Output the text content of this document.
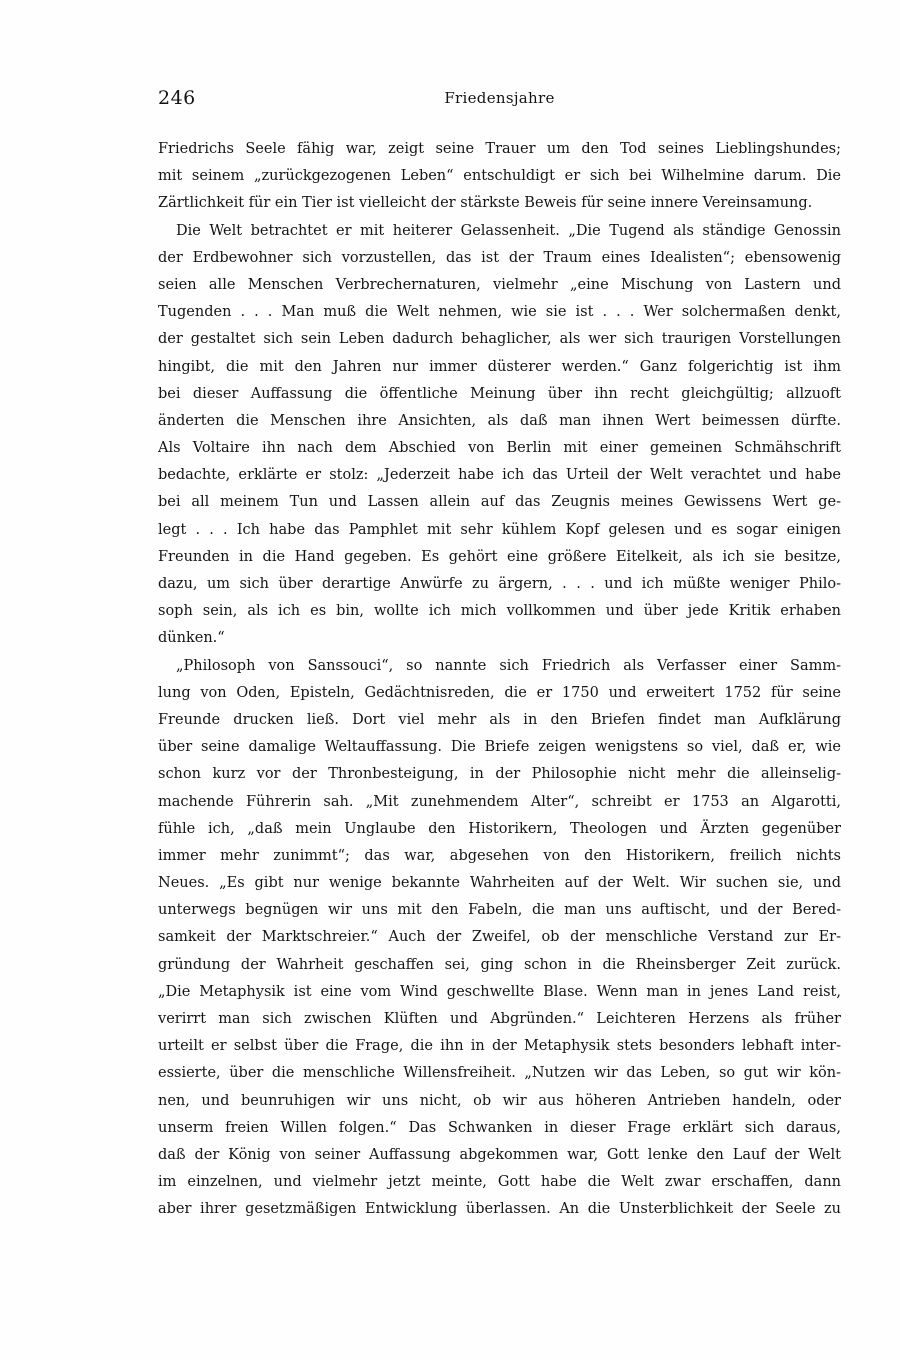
246	Friedensjahre
Friedrichs Seele fähig war, zeigt seine Trauer um den Tod seines Lieblingshundes;
mit seinem „zurückgezogenen Leben“ entschuldigt er sich bei Wilhelmine darum. Die
Zärtlichkeit für ein Tier ist vielleicht der stärkste Beweis für seine innere Vereinsamung.
Die Welt betrachtet er mit heiterer Gelassenheit. „Die Tugend als ständige Genossin
der Erdbewohner sich vorzustellen, das ist der Traum eines Idealisten“; ebensowenig
seien alle Menschen Verbrechernaturen, vielmehr „eine Mischung von Lastern und
Tugenden . . . Man muß die Welt nehmen, wie sie ist . . . Wer solchermaßen denkt,
der gestaltet sich sein Leben dadurch behaglicher, als wer sich traurigen Vorstellungen
hingibt, die mit den Jahren nur immer düsterer werden.“ Ganz folgerichtig ist ihm
bei dieser Auffassung die öffentliche Meinung über ihn recht gleichgültig; allzuoft
änderten die Menschen ihre Ansichten, als daß man ihnen Wert beimessen dürfte.
Als Voltaire ihn nach dem Abschied von Berlin mit einer gemeinen Schmähschrift
bedachte, erklärte er stolz: „Jederzeit habe ich das Urteil der Welt verachtet und habe
bei all meinem Tun und Lassen allein auf das Zeugnis meines Gewissens Wert ge-
legt . . . Ich habe das Pamphlet mit sehr kühlem Kopf gelesen und es sogar einigen
Freunden in die Hand gegeben. Es gehört eine größere Eitelkeit, als ich sie besitze,
dazu, um sich über derartige Anwürfe zu ärgern, . . . und ich müßte weniger Philo-
soph sein, als ich es bin, wollte ich mich vollkommen und über jede Kritik erhaben
dünken.“
„Philosoph von Sanssouci“, so nannte sich Friedrich als Verfasser einer Samm-
lung von Oden, Episteln, Gedächtnisreden, die er 1750 und erweitert 1752 für seine
Freunde drucken ließ. Dort viel mehr als in den Briefen findet man Aufklärung
über seine damalige Weltauffassung. Die Briefe zeigen wenigstens so viel, daß er, wie
schon kurz vor der Thronbesteigung, in der Philosophie nicht mehr die alleinselig-
machende Führerin sah. „Mit zunehmendem Alter“, schreibt er 1753 an Algarotti,
fühle ich, „daß mein Unglaube den Historikern, Theologen und Ärzten gegenüber
immer mehr zunimmt“; das war, abgesehen von den Historikern, freilich nichts
Neues. „Es gibt nur wenige bekannte Wahrheiten auf der Welt. Wir suchen sie, und
unterwegs begnügen wir uns mit den Fabeln, die man uns auftischt, und der Bered-
samkeit der Marktschreier.“ Auch der Zweifel, ob der menschliche Verstand zur Er-
gründung der Wahrheit geschaffen sei, ging schon in die Rheinsberger Zeit zurück.
„Die Metaphysik ist eine vom Wind geschwellte Blase. Wenn man in jenes Land reist,
verirrt man sich zwischen Klüften und Abgründen.“ Leichteren Herzens als früher
urteilt er selbst über die Frage, die ihn in der Metaphysik stets besonders lebhaft inter-
essierte, über die menschliche Willensfreiheit. „Nutzen wir das Leben, so gut wir kön-
nen, und beunruhigen wir uns nicht, ob wir aus höheren Antrieben handeln, oder
unserm freien Willen folgen.“ Das Schwanken in dieser Frage erklärt sich daraus,
daß der König von seiner Auffassung abgekommen war, Gott lenke den Lauf der Welt
im einzelnen, und vielmehr jetzt meinte, Gott habe die Welt zwar erschaffen, dann
aber ihrer gesetzmäßigen Entwicklung überlassen. An die Unsterblichkeit der Seele zu
